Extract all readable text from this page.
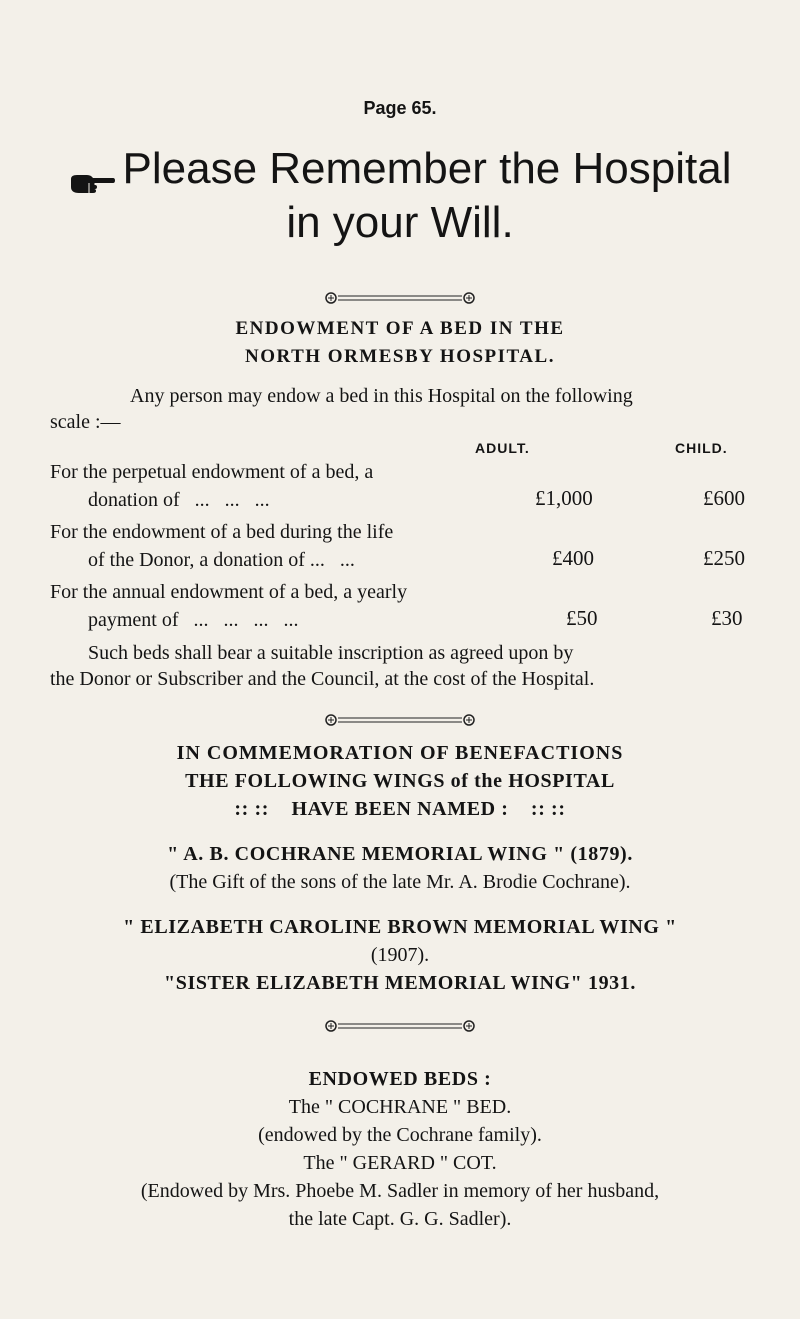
Page 65.
Please Remember the Hospital
in your Will.
ENDOWMENT OF A BED IN THE
NORTH ORMESBY HOSPITAL.
Any person may endow a bed in this Hospital on the following
scale :—
ADULT.	CHILD.
For the perpetual endowment of a bed, a
donation of   ...   ...   ...	£1,000	£600
For the endowment of a bed during the life
of the Donor, a donation of ...   ...	£400	£250
For the annual endowment of a bed, a yearly
payment of   ...   ...   ...   ...	£50	£30
Such beds shall bear a suitable inscription as agreed upon by
the Donor or Subscriber and the Council, at the cost of the Hospital.
IN COMMEMORATION OF BENEFACTIONS
THE FOLLOWING WINGS of the HOSPITAL
:: ::    HAVE BEEN NAMED :    :: ::
" A. B. COCHRANE MEMORIAL WING " (1879).
(The Gift of the sons of the late Mr. A. Brodie Cochrane).
" ELIZABETH CAROLINE BROWN MEMORIAL WING "
(1907).
"SISTER ELIZABETH MEMORIAL WING" 1931.
ENDOWED BEDS :
The " COCHRANE " BED.
(endowed by the Cochrane family).
The " GERARD " COT.
(Endowed by Mrs. Phoebe M. Sadler in memory of her husband,
the late Capt. G. G. Sadler).
